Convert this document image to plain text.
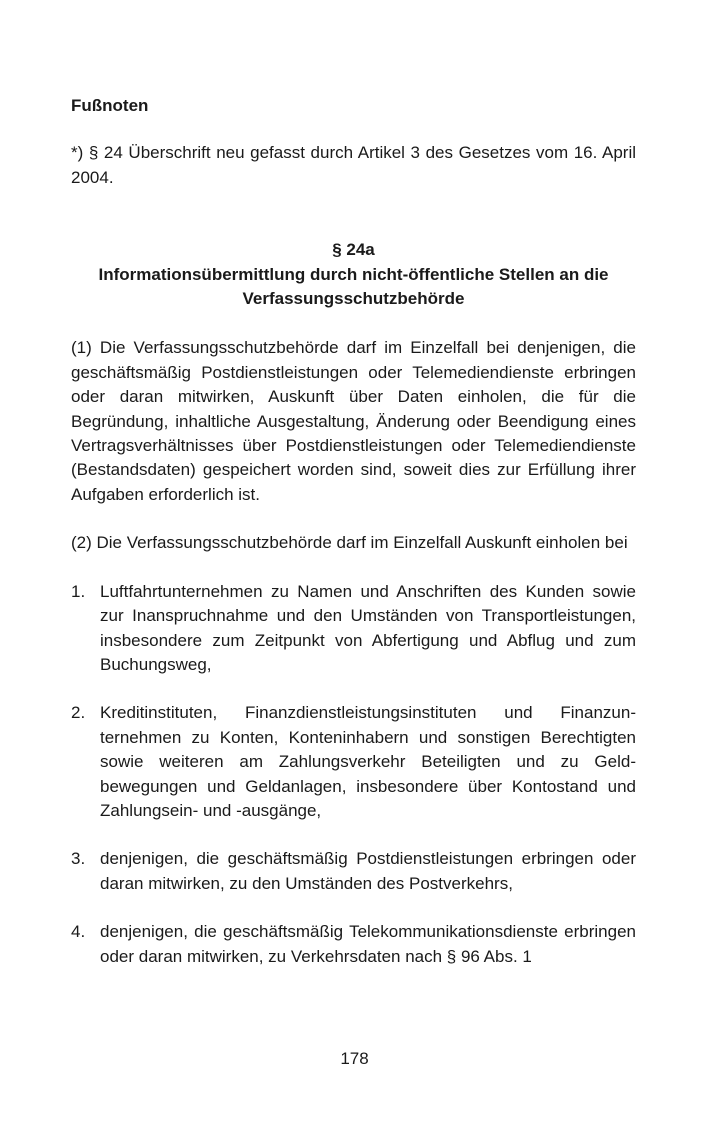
Fußnoten

*) § 24 Überschrift neu gefasst durch Artikel 3 des Gesetzes vom 16. April 2004.

§ 24a
Informationsübermittlung durch nicht-öffentliche Stellen an die Verfassungsschutzbehörde

(1) Die Verfassungsschutzbehörde darf im Einzelfall bei denjenigen, die geschäftsmäßig Postdienstleistungen oder Telemediendienste erbringen oder daran mitwirken, Auskunft über Daten einholen, die für die Begründung, inhaltliche Ausgestaltung, Änderung oder Beendigung eines Vertragsverhältnisses über Postdienstleistungen oder Telemediendienste (Bestandsdaten) gespeichert worden sind, soweit dies zur Erfüllung ihrer Aufgaben erforderlich ist.

(2) Die Verfassungsschutzbehörde darf im Einzelfall Auskunft einholen bei

1. Luftfahrtunternehmen zu Namen und Anschriften des Kunden sowie zur Inanspruchnahme und den Umständen von Transportleistungen, insbesondere zum Zeitpunkt von Abfertigung und Abflug und zum Buchungsweg,
2. Kreditinstituten, Finanzdienstleistungsinstituten und Finanzunternehmen zu Konten, Konteninhabern und sonstigen Berechtigten sowie weiteren am Zahlungsverkehr Beteiligten und zu Geldbewegungen und Geldanlagen, insbesondere über Kontostand und Zahlungsein- und -ausgänge,
3. denjenigen, die geschäftsmäßig Postdienstleistungen erbringen oder daran mitwirken, zu den Umständen des Postverkehrs,
4. denjenigen, die geschäftsmäßig Telekommunikationsdienste erbringen oder daran mitwirken, zu Verkehrsdaten nach § 96 Abs. 1
178
